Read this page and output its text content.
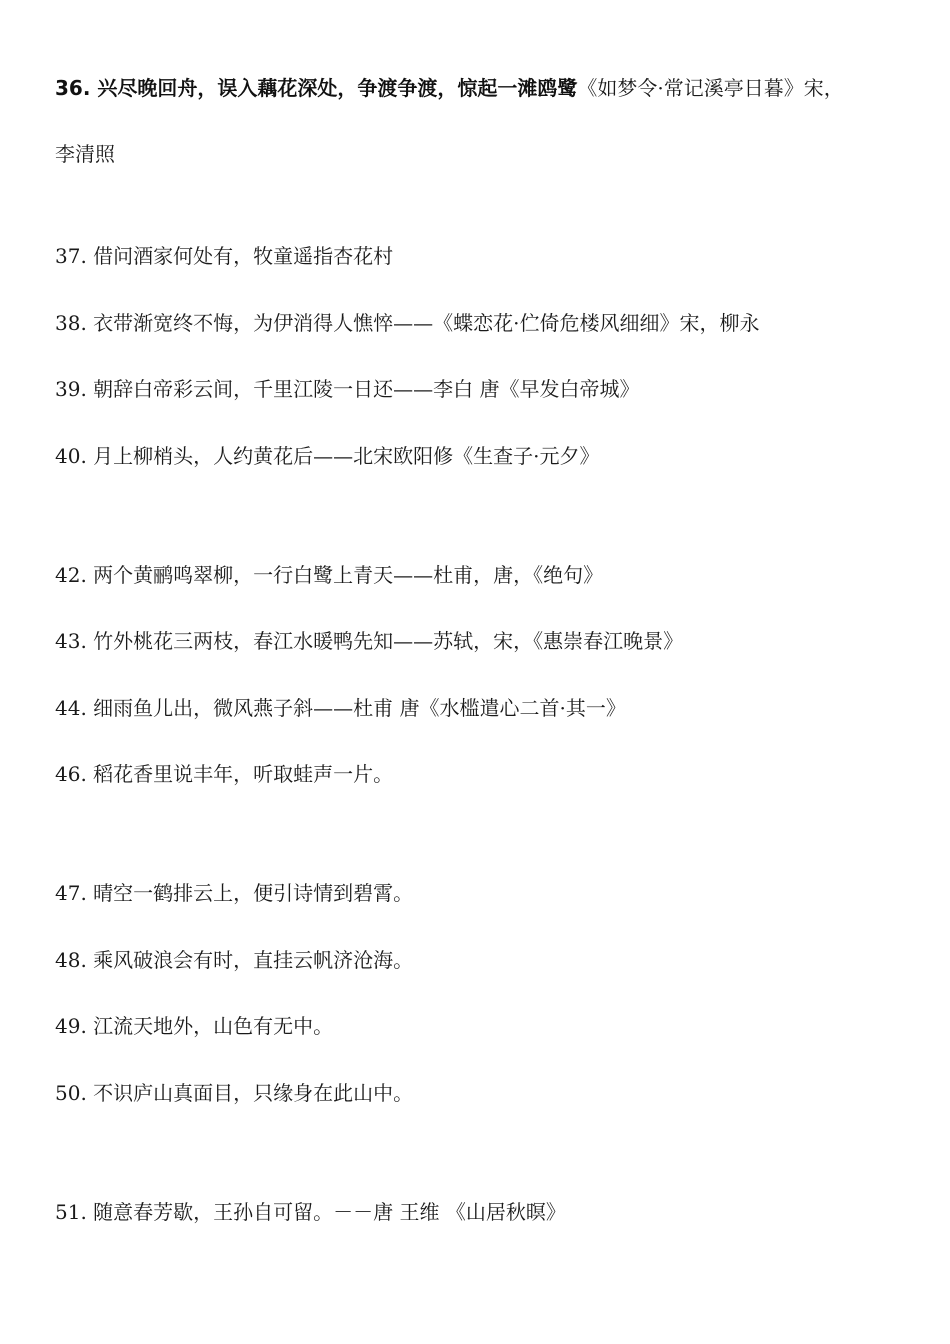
36. 兴尽晚回舟，误入藕花深处，争渡争渡，惊起一滩鸥鹭《如梦令·常记溪亭日暮》宋，

李清照

37. 借问酒家何处有，牧童遥指杏花村

38. 衣带渐宽终不悔，为伊消得人憔悴——《蝶恋花·伫倚危楼风细细》宋，柳永

39. 朝辞白帝彩云间，千里江陵一日还——李白 唐《早发白帝城》

40. 月上柳梢头，人约黄花后——北宋欧阳修《生查子·元夕》

42. 两个黄鹂鸣翠柳，一行白鹭上青天——杜甫，唐，《绝句》

43. 竹外桃花三两枝，春江水暖鸭先知——苏轼，宋，《惠崇春江晚景》

44. 细雨鱼儿出，微风燕子斜——杜甫 唐《水槛遣心二首·其一》

46. 稻花香里说丰年，听取蛙声一片。

47. 晴空一鹤排云上，便引诗情到碧霄。

48. 乘风破浪会有时，直挂云帆济沧海。

49. 江流天地外，山色有无中。

50. 不识庐山真面目，只缘身在此山中。

51. 随意春芳歇，王孙自可留。－－唐 王维 《山居秋暝》
